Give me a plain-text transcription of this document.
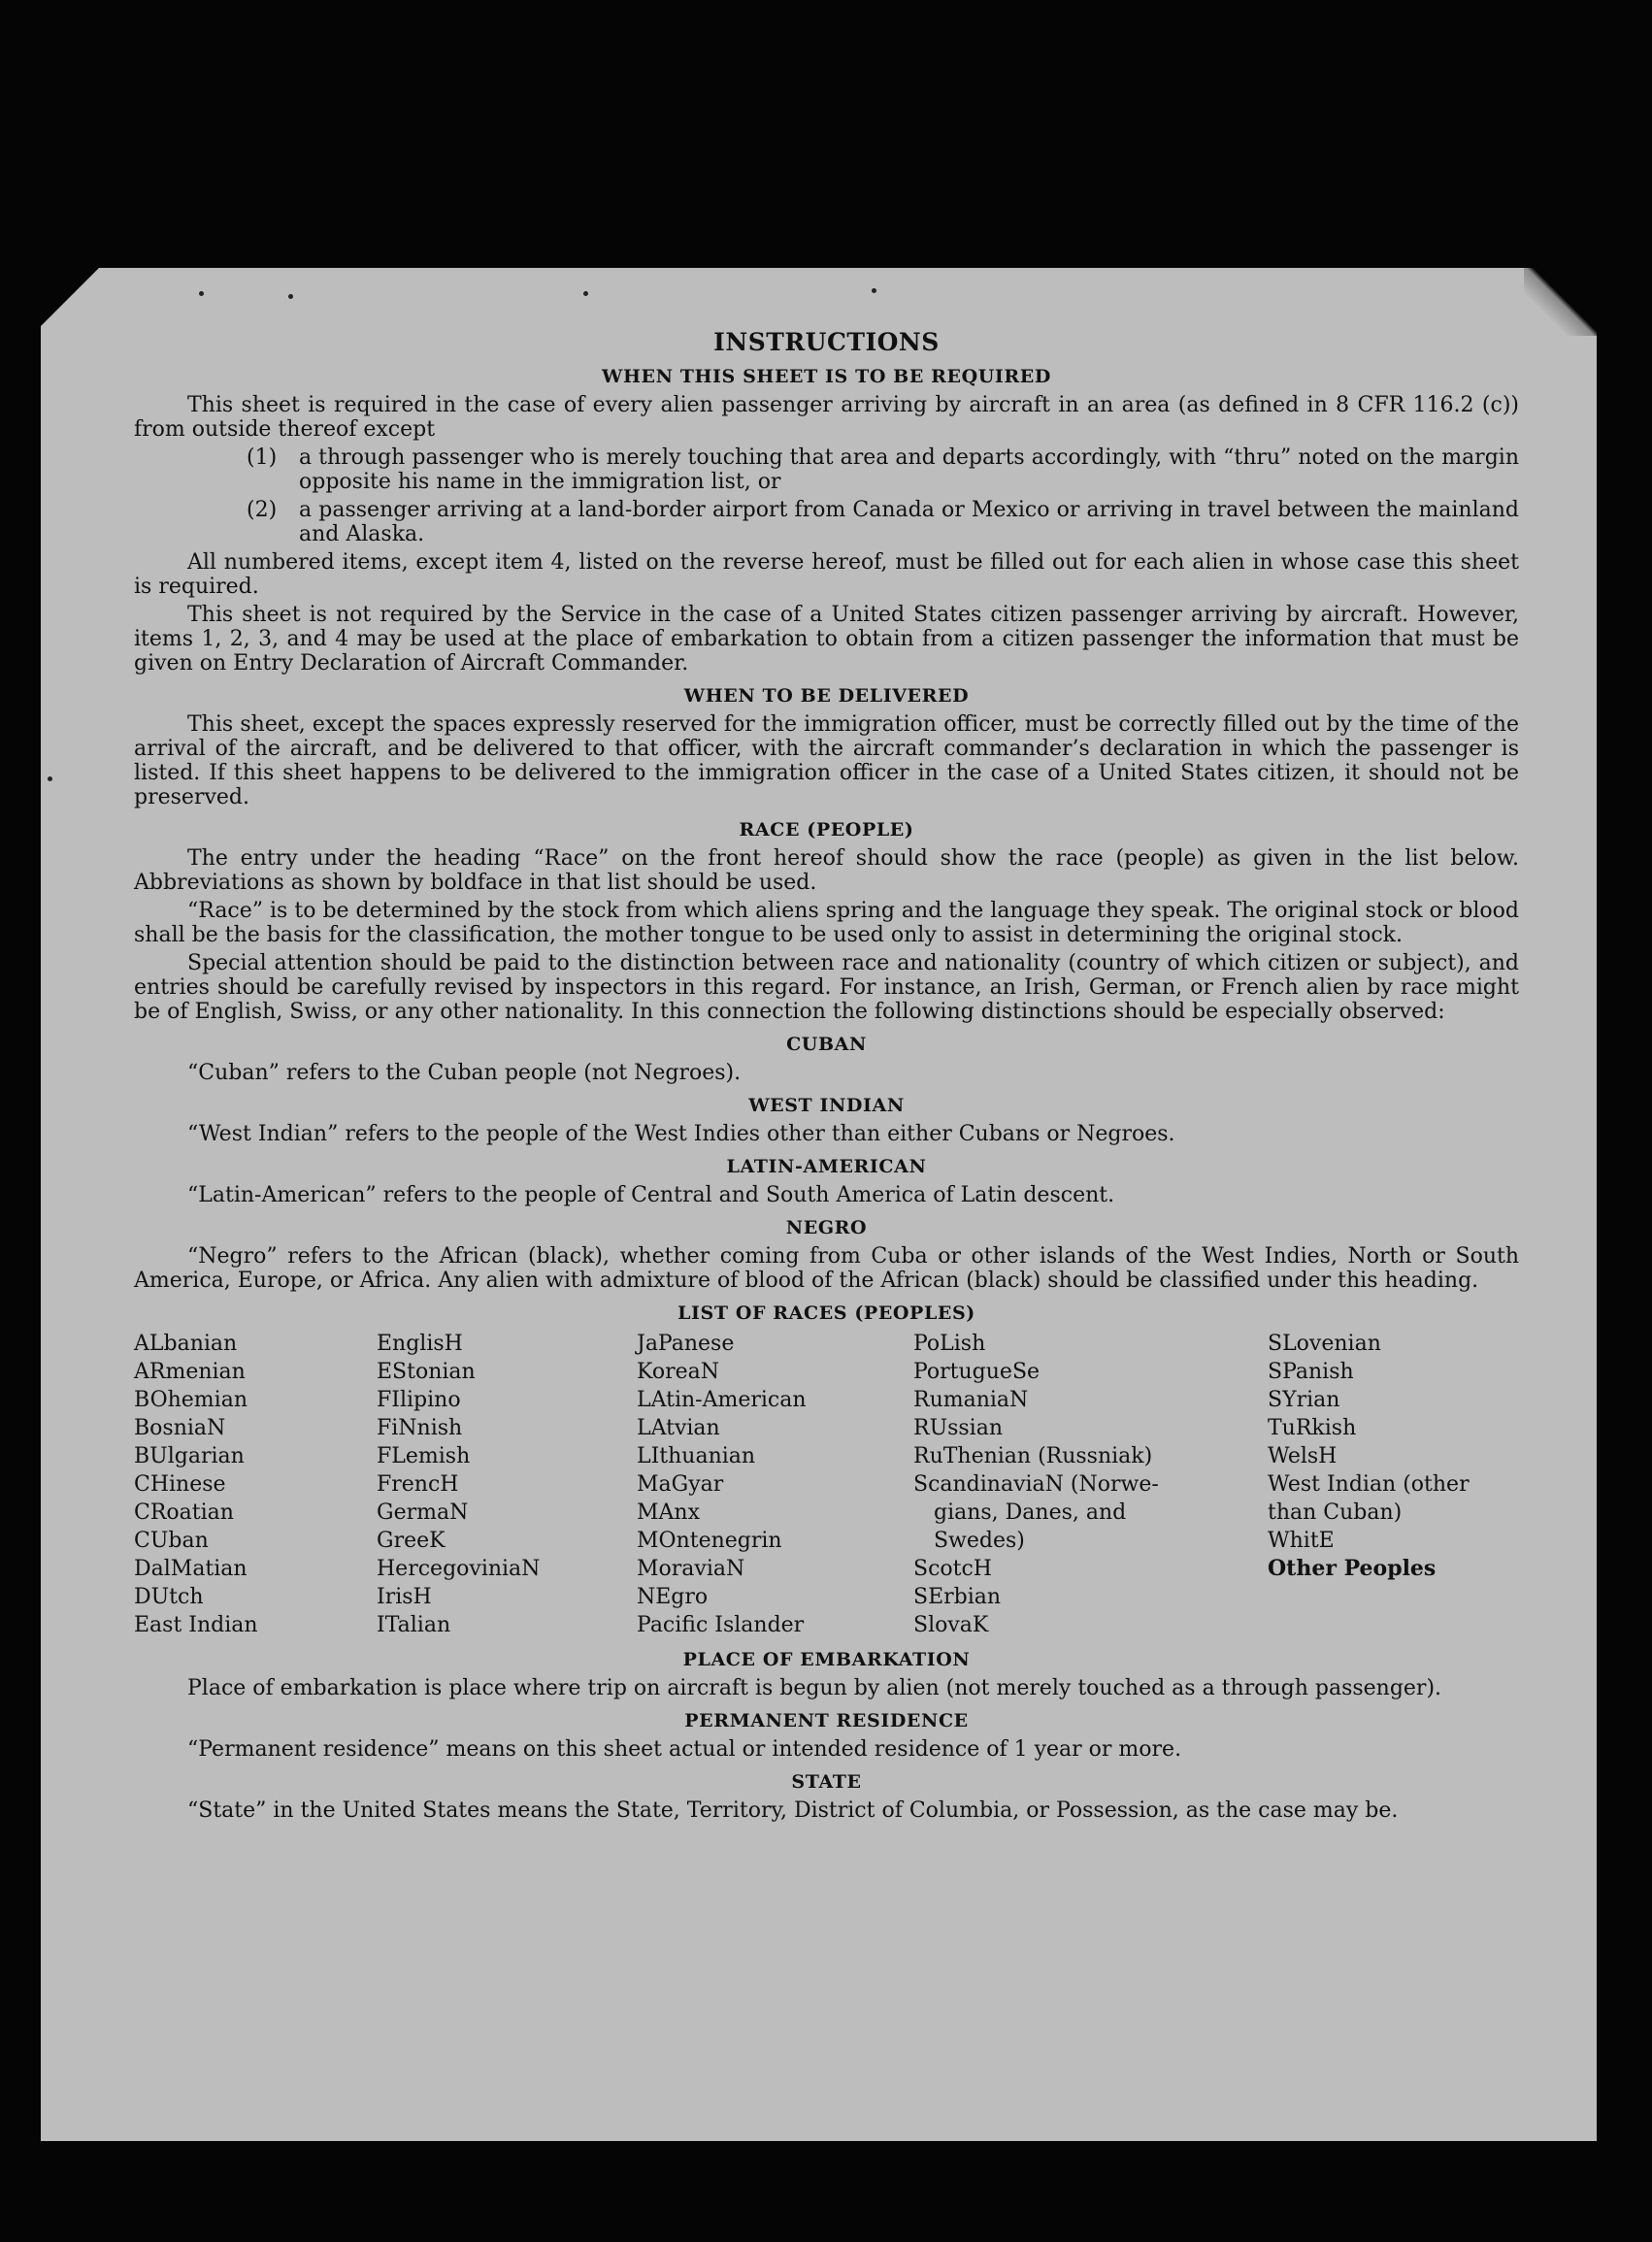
INSTRUCTIONS
WHEN THIS SHEET IS TO BE REQUIRED

This sheet is required in the case of every alien passenger arriving by aircraft in an area (as defined in 8 CFR 116.2 (c)) from outside thereof except

(1) a through passenger who is merely touching that area and departs accordingly, with “thru” noted on the margin opposite his name in the immigration list, or
(2) a passenger arriving at a land-border airport from Canada or Mexico or arriving in travel between the mainland and Alaska.

All numbered items, except item 4, listed on the reverse hereof, must be filled out for each alien in whose case this sheet is required.

This sheet is not required by the Service in the case of a United States citizen passenger arriving by aircraft. However, items 1, 2, 3, and 4 may be used at the place of embarkation to obtain from a citizen passenger the information that must be given on Entry Declaration of Aircraft Commander.

WHEN TO BE DELIVERED

This sheet, except the spaces expressly reserved for the immigration officer, must be correctly filled out by the time of the arrival of the aircraft, and be delivered to that officer, with the aircraft commander’s declaration in which the passenger is listed. If this sheet happens to be delivered to the immigration officer in the case of a United States citizen, it should not be preserved.

RACE (PEOPLE)

The entry under the heading “Race” on the front hereof should show the race (people) as given in the list below. Abbreviations as shown by boldface in that list should be used.

“Race” is to be determined by the stock from which aliens spring and the language they speak. The original stock or blood shall be the basis for the classification, the mother tongue to be used only to assist in determining the original stock.

Special attention should be paid to the distinction between race and nationality (country of which citizen or subject), and entries should be carefully revised by inspectors in this regard. For instance, an Irish, German, or French alien by race might be of English, Swiss, or any other nationality. In this connection the following distinctions should be especially observed:

CUBAN

“Cuban” refers to the Cuban people (not Negroes).

WEST INDIAN

“West Indian” refers to the people of the West Indies other than either Cubans or Negroes.

LATIN-AMERICAN

“Latin-American” refers to the people of Central and South America of Latin descent.

NEGRO

“Negro” refers to the African (black), whether coming from Cuba or other islands of the West Indies, North or South America, Europe, or Africa. Any alien with admixture of blood of the African (black) should be classified under this heading.

LIST OF RACES (PEOPLES)
ALbanian
ARmenian
BOhemian
BosniaN
BUlgarian
CHinese
CRoatian
CUban
DalMatian
DUtch
East Indian
EnglisH
EStonian
FIlipino
FiNnish
FLemish
FrencH
GermaN
GreeK
HercegoviniaN
IrisH
ITalian
JaPanese
KoreaN
LAtin-American
LAtvian
LIthuanian
MaGyar
MAnx
MOntenegrin
MoraviaN
NEgro
Pacific Islander
PoLish
PortugueSe
RumaniaN
RUssian
RuThenian (Russniak)
ScandinaviaN (Norwe-
gians, Danes, and
Swedes)
ScotcH
SErbian
SlovaK
SLovenian
SPanish
SYrian
TuRkish
WelsH
West Indian (other than Cuban)
WhitE
Other Peoples
PLACE OF EMBARKATION

Place of embarkation is place where trip on aircraft is begun by alien (not merely touched as a through passenger).

PERMANENT RESIDENCE

“Permanent residence” means on this sheet actual or intended residence of 1 year or more.

STATE

“State” in the United States means the State, Territory, District of Columbia, or Possession, as the case may be.
